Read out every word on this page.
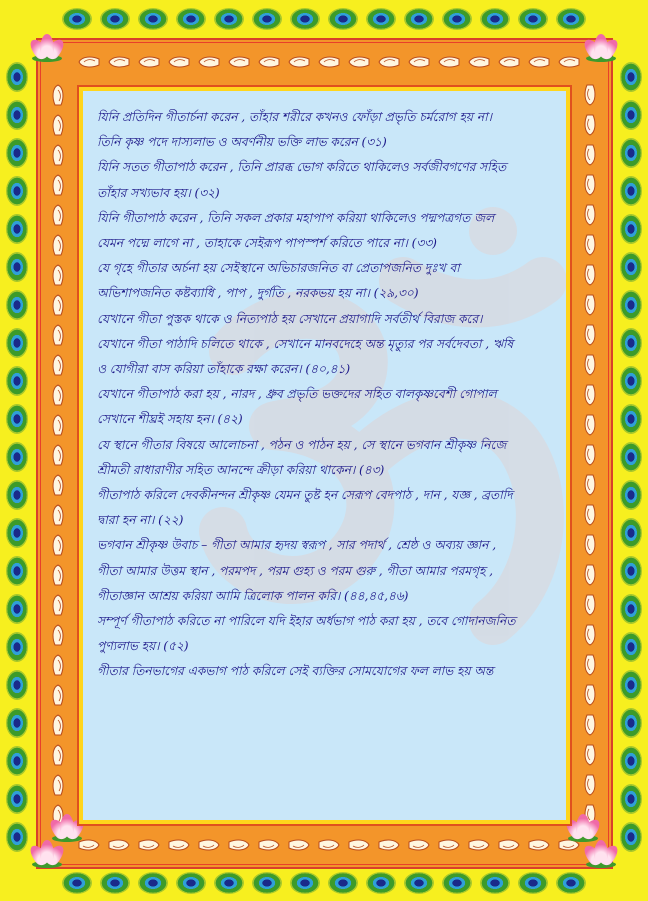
যিনি প্রতিদিন গীতার্চনা করেন , তাঁহার শরীরে কখনও ফোঁড়া প্রভৃতি চর্মরোগ হয় না।
তিনি কৃষ্ণ পদে দাস্যলাভ ও অবর্ণনীয় ভক্তি লাভ করেন (৩১)
যিনি সতত গীতাপাঠ করেন , তিনি প্রারব্ধ ভোগ করিতে থাকিলেও সর্বজীবগণের সহিত
তাঁহার সখ্যভাব হয়। (৩২)
যিনি গীতাপাঠ করেন , তিনি সকল প্রকার মহাপাপ করিয়া থাকিলেও পদ্মপত্রগত জল
যেমন পদ্মে লাগে না , তাহাকে সেইরূপ পাপস্পর্শ করিতে পারে না। (৩৩)
যে গৃহে গীতার অর্চনা হয় সেইস্থানে অভিচারজনিত বা প্রেতাপজনিত দুঃখ বা
অভিশাপজনিত কষ্টব্যাধি , পাপ , দুর্গতি , নরকভয় হয় না। (২৯,৩০)
যেখানে গীতা পুস্তক থাকে ও নিত্যপাঠ হয় সেখানে প্রয়াগাদি সর্বতীর্থ বিরাজ করে।
যেখানে গীতা পাঠাদি চলিতে থাকে , সেখানে মানবদেহে অন্ত মৃত্যুর পর সর্বদেবতা , ঋষি
ও যোগীরা বাস করিয়া তাঁহাকে রক্ষা করেন। (৪০,৪১)
যেখানে গীতাপাঠ করা হয় , নারদ , ধ্রুব প্রভৃতি ভক্তদের সহিত বালকৃষ্ণবেশী গোপাল
সেখানে শীঘ্রই সহায় হন। (৪২)
যে স্থানে গীতার বিষয়ে আলোচনা , পঠন ও পাঠন হয় , সে স্থানে ভগবান শ্রীকৃষ্ণ নিজে
শ্রীমতী রাধারাণীর সহিত আনন্দে ক্রীড়া করিয়া থাকেন। (৪৩)
গীতাপাঠ করিলে দেবকীনন্দন শ্রীকৃষ্ণ যেমন তুষ্ট হন সেরূপ বেদপাঠ , দান , যজ্ঞ , ব্রতাদি
দ্বারা হন না। (২২)
ভগবান শ্রীকৃষ্ণ উবাচ – গীতা আমার হৃদয় স্বরূপ , সার পদার্থ , শ্রেষ্ঠ ও অব্যয় জ্ঞান ,
গীতা আমার উত্তম স্থান , পরমপদ , পরম গুহ্য ও পরম গুরু , গীতা আমার পরমগৃহ ,
গীতাজ্ঞান আশ্রয় করিয়া আমি ত্রিলোক পালন করি। (৪৪,৪৫,৪৬)
সম্পূর্ণ গীতাপাঠ করিতে না পারিলে যদি ইহার অর্ধভাগ পাঠ করা হয় , তবে গোদানজনিত
পুণ্যলাভ হয়। (৫২)
গীতার তিনভাগের একভাগ পাঠ করিলে সেই ব্যক্তির সোমযোগের ফল লাভ হয় অন্ত
